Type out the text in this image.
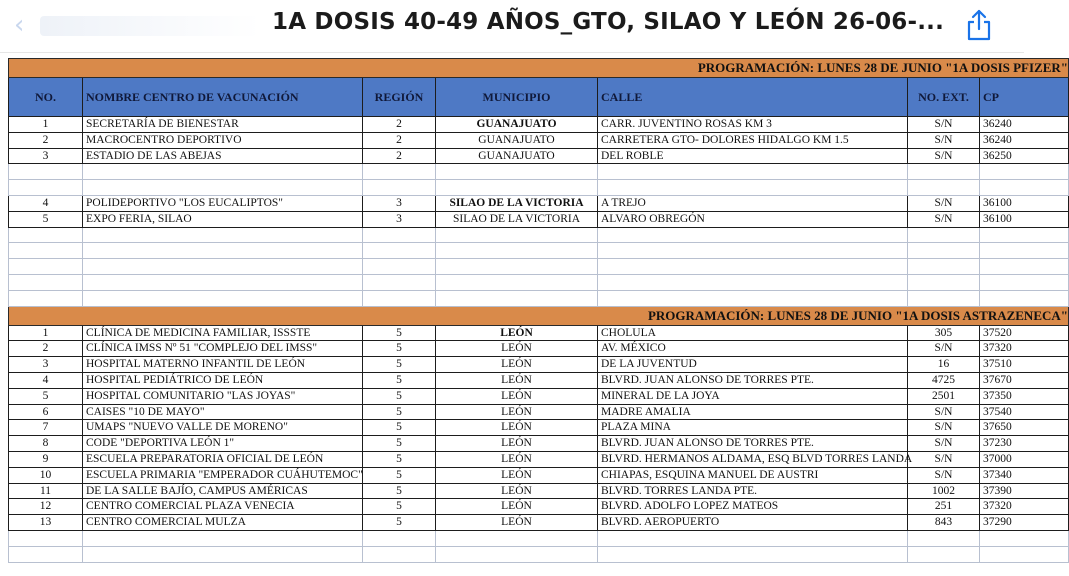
‹	1A DOSIS 40-49 AÑOS_GTO, SILAO Y LEÓN 26-06-...
PROGRAMACIÓN: LUNES 28 DE JUNIO "1A DOSIS PFIZER"						
NO.	NOMBRE CENTRO DE VACUNACIÓN	REGIÓN	MUNICIPIO	CALLE	NO. EXT.	CP
1	SECRETARÍA DE BIENESTAR	2	GUANAJUATO	CARR. JUVENTINO ROSAS KM 3	S/N	36240
2	MACROCENTRO DEPORTIVO	2	GUANAJUATO	CARRETERA GTO- DOLORES HIDALGO KM 1.5	S/N	36240
3	ESTADIO DE LAS ABEJAS	2	GUANAJUATO	DEL ROBLE	S/N	36250

4	POLIDEPORTIVO "LOS EUCALIPTOS"	3	SILAO DE LA VICTORIA	A TREJO	S/N	36100
5	EXPO FERIA, SILAO	3	SILAO DE LA VICTORIA	ALVARO OBREGÓN	S/N	36100

PROGRAMACIÓN: LUNES 28 DE JUNIO "1A DOSIS ASTRAZENECA"						
1	CLÍNICA DE MEDICINA FAMILIAR, ISSSTE	5	LEÓN	CHOLULA	305	37520
2	CLÍNICA IMSS Nº 51 "COMPLEJO DEL IMSS"	5	LEÓN	AV. MÉXICO	S/N	37320
3	HOSPITAL MATERNO INFANTIL DE LEÓN	5	LEÓN	DE LA JUVENTUD	16	37510
4	HOSPITAL PEDIÁTRICO DE LEÓN	5	LEÓN	BLVRD. JUAN ALONSO DE TORRES PTE.	4725	37670
5	HOSPITAL COMUNITARIO "LAS JOYAS"	5	LEÓN	MINERAL DE LA JOYA	2501	37350
6	CAISES "10 DE MAYO"	5	LEÓN	MADRE AMALIA	S/N	37540
7	UMAPS "NUEVO VALLE DE MORENO"	5	LEÓN	PLAZA MINA	S/N	37650
8	CODE "DEPORTIVA LEÓN 1"	5	LEÓN	BLVRD. JUAN ALONSO DE TORRES PTE.	S/N	37230
9	ESCUELA PREPARATORIA OFICIAL DE LEÓN	5	LEÓN	BLVRD. HERMANOS ALDAMA, ESQ BLVD TORRES LANDA	S/N	37000
10	ESCUELA PRIMARIA "EMPERADOR CUÁHUTEMOC"	5	LEÓN	CHIAPAS, ESQUINA MANUEL DE AUSTRI	S/N	37340
11	DE LA SALLE BAJÍO, CAMPUS AMÉRICAS	5	LEÓN	BLVRD. TORRES LANDA PTE.	1002	37390
12	CENTRO COMERCIAL PLAZA VENECIA	5	LEÓN	BLVRD. ADOLFO LOPEZ MATEOS	251	37320
13	CENTRO COMERCIAL MULZA	5	LEÓN	BLVRD. AEROPUERTO	843	37290
